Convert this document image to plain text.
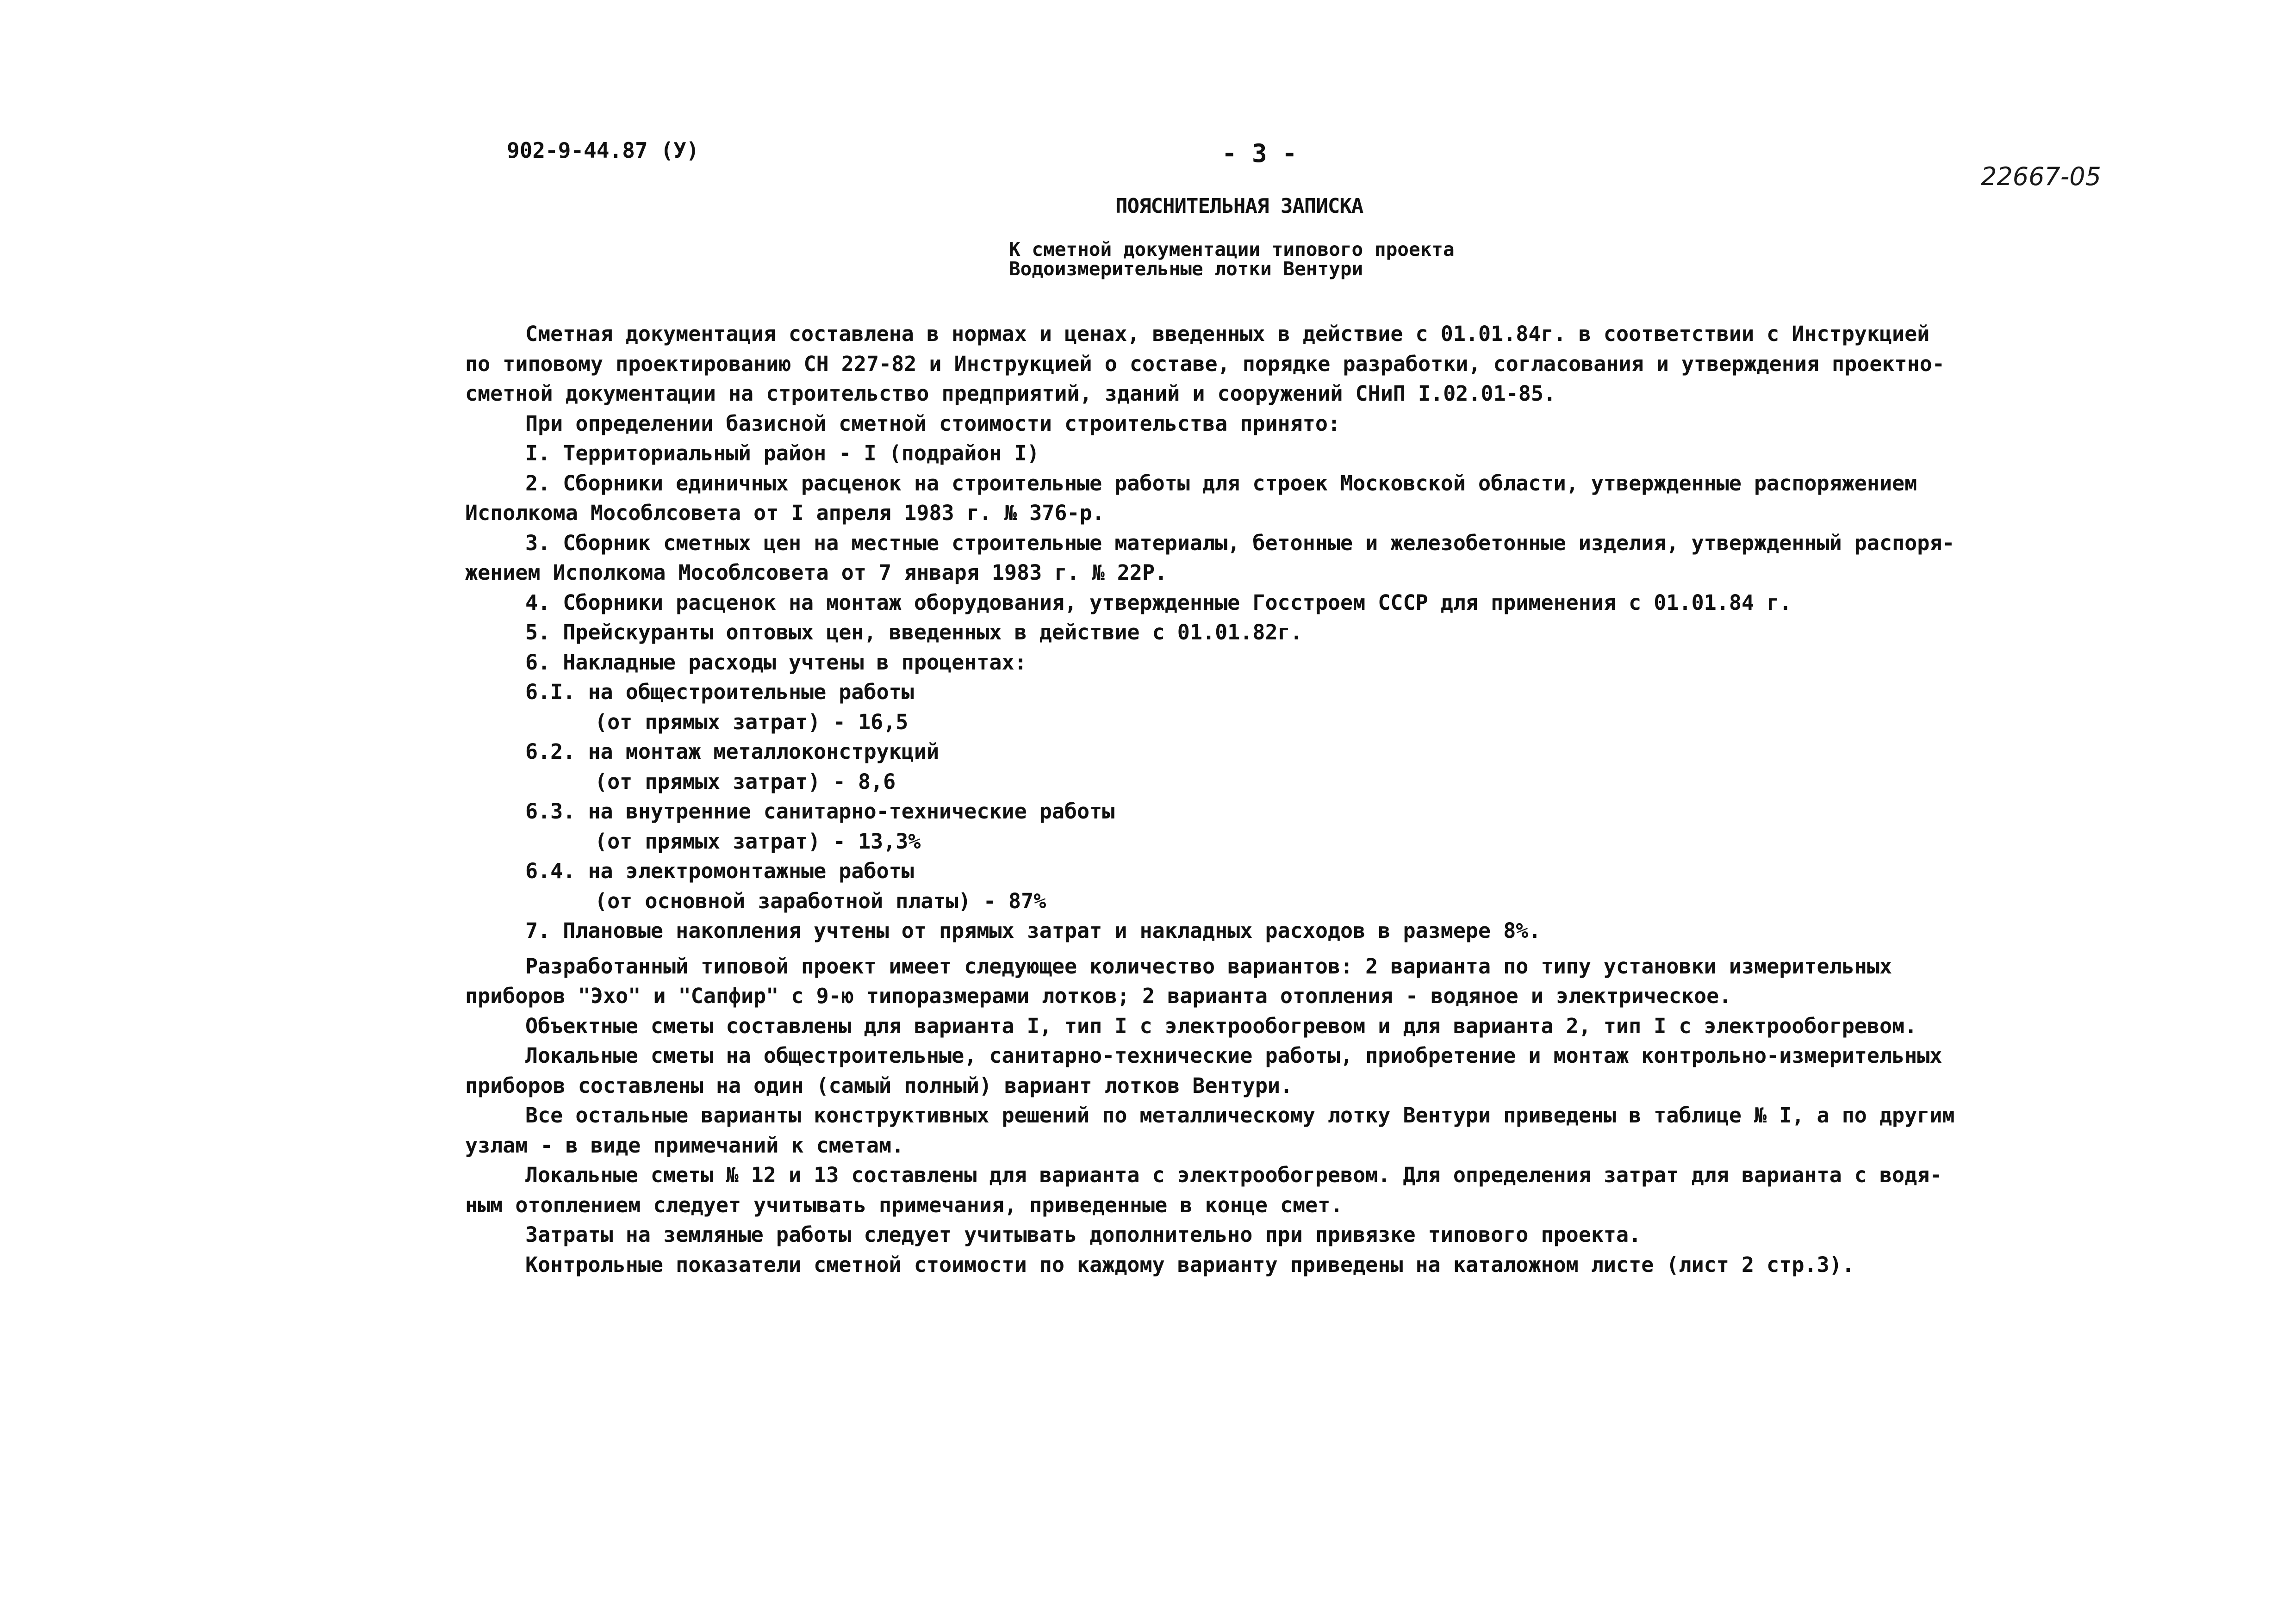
902-9-44.87 (У)	- 3 -
22667-05
ПОЯСНИТЕЛЬНАЯ ЗАПИСКА
К сметной документации типового проекта
Водоизмерительные лотки Вентури
Сметная документация составлена в нормах и ценах, введенных в действие с 01.01.84г. в соответствии с Инструкцией
по типовому проектированию СН 227-82 и Инструкцией о составе, порядке разработки, согласования и утверждения проектно-
сметной документации на строительство предприятий, зданий и сооружений СНиП I.02.01-85.
При определении базисной сметной стоимости строительства принято:
I. Территориальный район - I (подрайон I)
2. Сборники единичных расценок на строительные работы для строек Московской области, утвержденные распоряжением
Исполкома Мособлсовета от I апреля 1983 г. № 376-р.
3. Сборник сметных цен на местные строительные материалы, бетонные и железобетонные изделия, утвержденный распоря-
жением Исполкома Мособлсовета от 7 января 1983 г. № 22Р.
4. Сборники расценок на монтаж оборудования, утвержденные Госстроем СССР для применения с 01.01.84 г.
5. Прейскуранты оптовых цен, введенных в действие с 01.01.82г.
6. Накладные расходы учтены в процентах:
6.I. на общестроительные работы
(от прямых затрат) - 16,5
6.2. на монтаж металлоконструкций
(от прямых затрат) - 8,6
6.3. на внутренние санитарно-технические работы
(от прямых затрат) - 13,3%
6.4. на электромонтажные работы
(от основной заработной платы) - 87%
7. Плановые накопления учтены от прямых затрат и накладных расходов в размере 8%.
Разработанный типовой проект имеет следующее количество вариантов: 2 варианта по типу установки измерительных
приборов "Эхо" и "Сапфир" с 9-ю типоразмерами лотков; 2 варианта отопления - водяное и электрическое.
Объектные сметы составлены для варианта I, тип I с электрообогревом и для варианта 2, тип I с электрообогревом.
Локальные сметы на общестроительные, санитарно-технические работы, приобретение и монтаж контрольно-измерительных
приборов составлены на один (самый полный) вариант лотков Вентури.
Все остальные варианты конструктивных решений по металлическому лотку Вентури приведены в таблице № I, а по другим
узлам - в виде примечаний к сметам.
Локальные сметы № 12 и 13 составлены для варианта с электрообогревом. Для определения затрат для варианта с водя-
ным отоплением следует учитывать примечания, приведенные в конце смет.
Затраты на земляные работы следует учитывать дополнительно при привязке типового проекта.
Контрольные показатели сметной стоимости по каждому варианту приведены на каталожном листе (лист 2 стр.3).
